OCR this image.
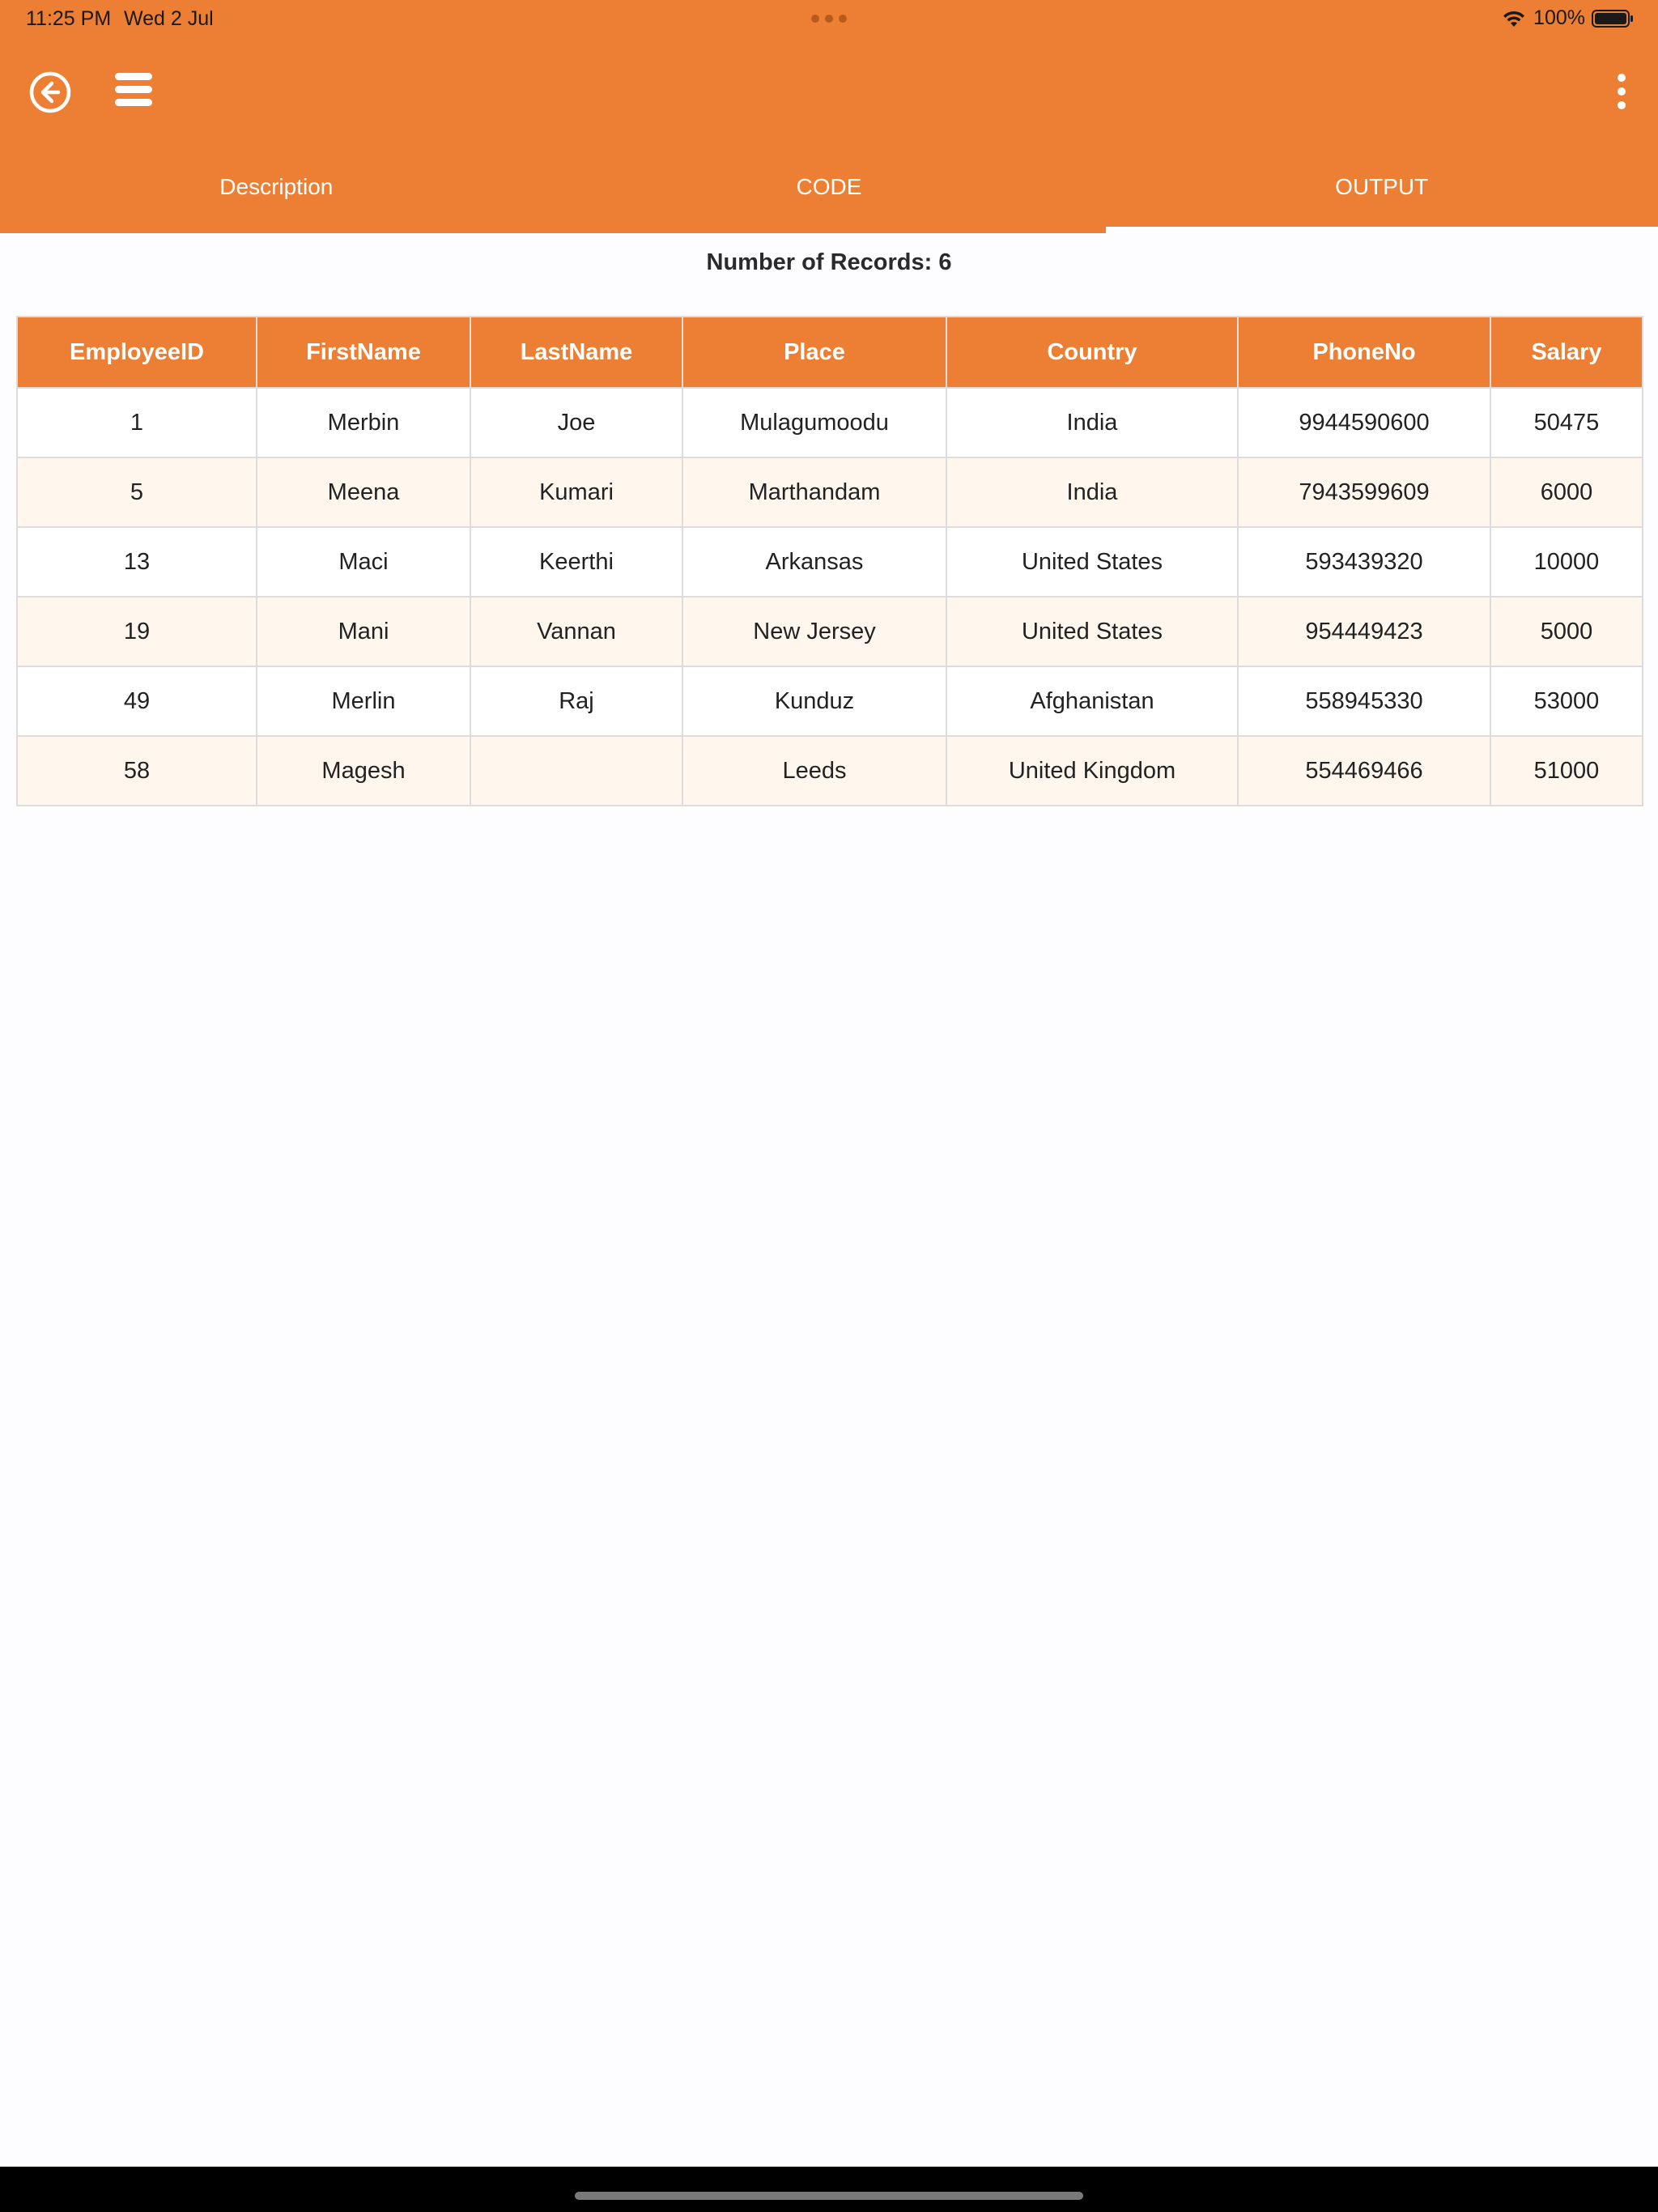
11:25 PM Wed 2 Jul	100%
Description	CODE	OUTPUT
Number of Records: 6
EmployeeID	FirstName	LastName	Place	Country	PhoneNo	Salary
1	Merbin	Joe	Mulagumoodu	India	9944590600	50475
5	Meena	Kumari	Marthandam	India	7943599609	6000
13	Maci	Keerthi	Arkansas	United States	593439320	10000
19	Mani	Vannan	New Jersey	United States	954449423	5000
49	Merlin	Raj	Kunduz	Afghanistan	558945330	53000
58	Magesh		Leeds	United Kingdom	554469466	51000
